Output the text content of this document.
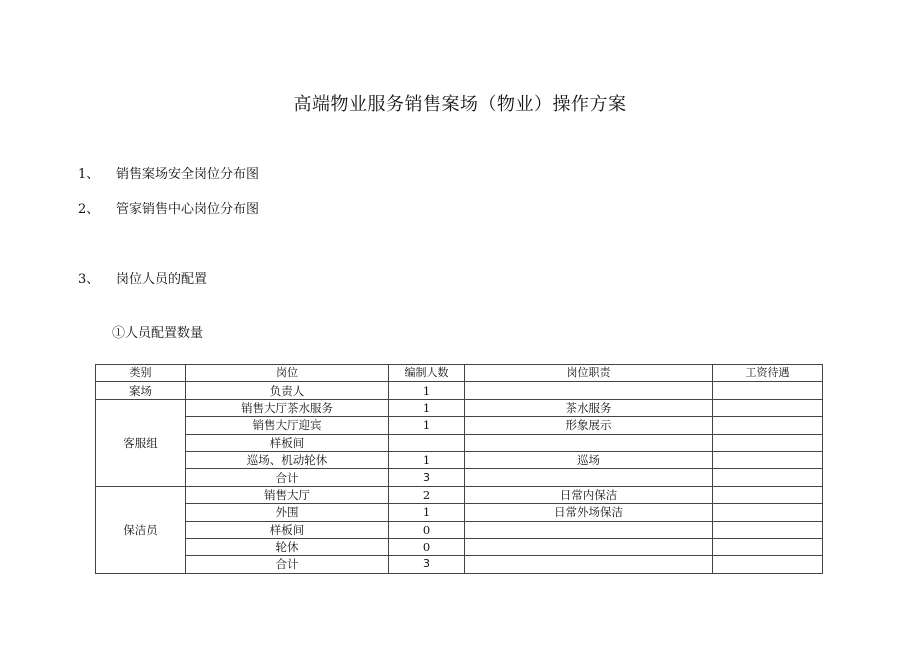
高端物业服务销售案场（物业）操作方案
1、 销售案场安全岗位分布图
2、 管家销售中心岗位分布图
3、 岗位人员的配置
①人员配置数量
类别	岗位	编制人数	岗位职责	工资待遇
案场	负责人	1		
客服组	销售大厅茶水服务	1	茶水服务	
	销售大厅迎宾	1	形象展示	
	样板间			
	巡场、机动轮休	1	巡场	
	合计	3		
保洁员	销售大厅	2	日常内保洁	
	外围	1	日常外场保洁	
	样板间	0		
	轮休	0		
	合计	3		
